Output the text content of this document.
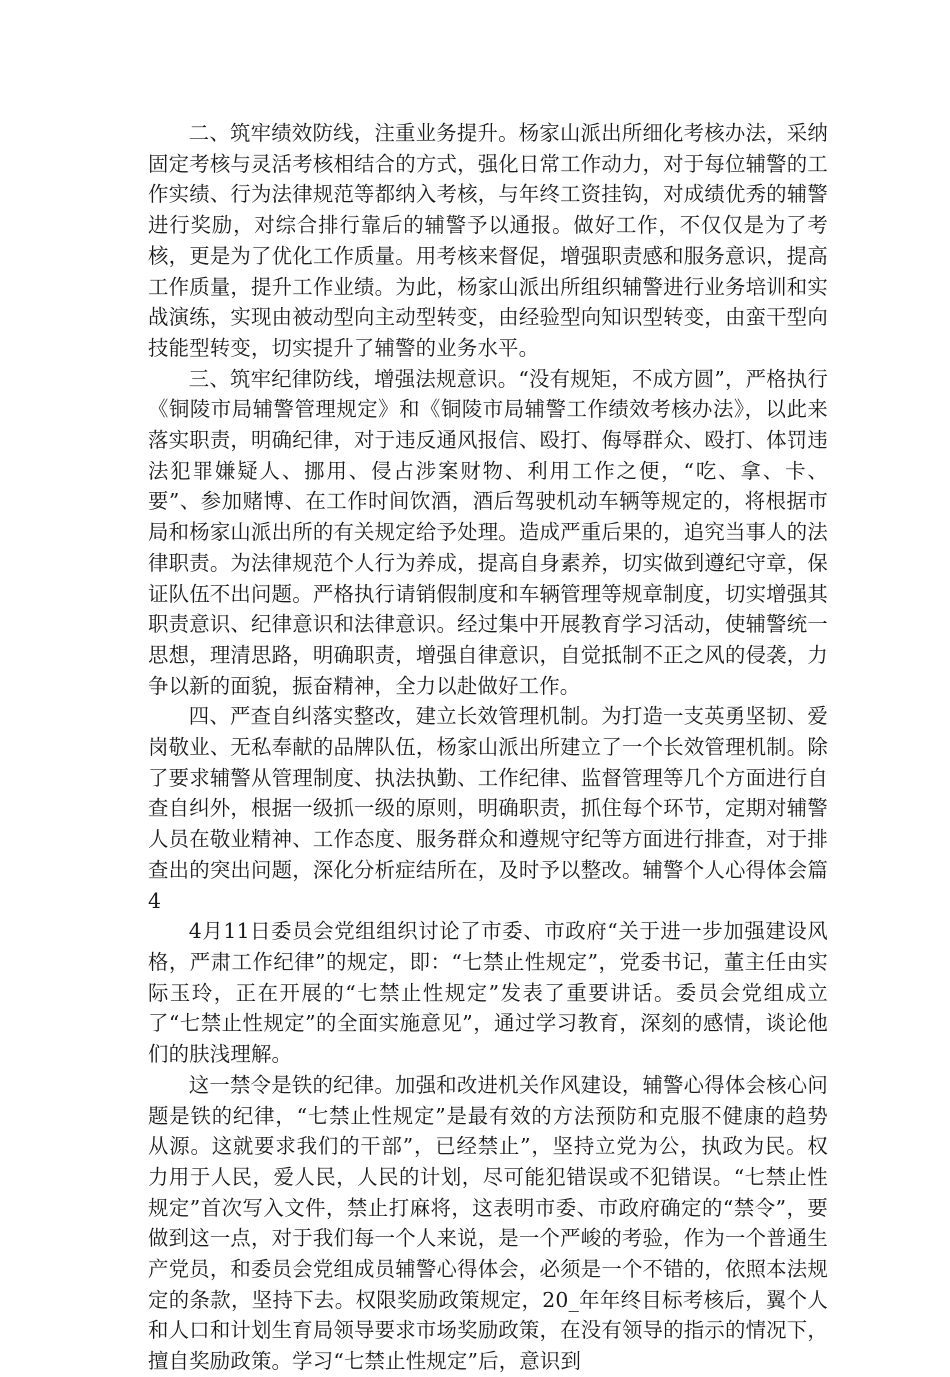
二、筑牢绩效防线，注重业务提升。杨家山派出所细化考核办法，采纳固定考核与灵活考核相结合的方式，强化日常工作动力，对于每位辅警的工作实绩、行为法律规范等都纳入考核，与年终工资挂钩，对成绩优秀的辅警进行奖励，对综合排行靠后的辅警予以通报。做好工作，不仅仅是为了考核，更是为了优化工作质量。用考核来督促，增强职责感和服务意识，提高工作质量，提升工作业绩。为此，杨家山派出所组织辅警进行业务培训和实战演练，实现由被动型向主动型转变，由经验型向知识型转变，由蛮干型向技能型转变，切实提升了辅警的业务水平。

三、筑牢纪律防线，增强法规意识。“没有规矩，不成方圆”，严格执行《铜陵市局辅警管理规定》和《铜陵市局辅警工作绩效考核办法》，以此来落实职责，明确纪律，对于违反通风报信、殴打、侮辱群众、殴打、体罚违法犯罪嫌疑人、挪用、侵占涉案财物、利用工作之便，“吃、拿、卡、要”、参加赌博、在工作时间饮酒，酒后驾驶机动车辆等规定的，将根据市局和杨家山派出所的有关规定给予处理。造成严重后果的，追究当事人的法律职责。为法律规范个人行为养成，提高自身素养，切实做到遵纪守章，保证队伍不出问题。严格执行请销假制度和车辆管理等规章制度，切实增强其职责意识、纪律意识和法律意识。经过集中开展教育学习活动，使辅警统一思想，理清思路，明确职责，增强自律意识，自觉抵制不正之风的侵袭，力争以新的面貌，振奋精神，全力以赴做好工作。

四、严查自纠落实整改，建立长效管理机制。为打造一支英勇坚韧、爱岗敬业、无私奉献的品牌队伍，杨家山派出所建立了一个长效管理机制。除了要求辅警从管理制度、执法执勤、工作纪律、监督管理等几个方面进行自查自纠外，根据一级抓一级的原则，明确职责，抓住每个环节，定期对辅警人员在敬业精神、工作态度、服务群众和遵规守纪等方面进行排查，对于排查出的突出问题，深化分析症结所在，及时予以整改。辅警个人心得体会篇4

4月11日委员会党组组织讨论了市委、市政府“关于进一步加强建设风格，严肃工作纪律”的规定，即：“七禁止性规定”，党委书记，董主任由实际玉玲，正在开展的“七禁止性规定”发表了重要讲话。委员会党组成立了“七禁止性规定”的全面实施意见”，通过学习教育，深刻的感情，谈论他们的肤浅理解。

这一禁令是铁的纪律。加强和改进机关作风建设，辅警心得体会核心问题是铁的纪律，“七禁止性规定”是最有效的方法预防和克服不健康的趋势从源。这就要求我们的干部”，已经禁止”，坚持立党为公，执政为民。权力用于人民，爱人民，人民的计划，尽可能犯错误或不犯错误。“七禁止性规定”首次写入文件，禁止打麻将，这表明市委、市政府确定的“禁令”，要做到这一点，对于我们每一个人来说，是一个严峻的考验，作为一个普通生产党员，和委员会党组成员辅警心得体会，必须是一个不错的，依照本法规定的条款，坚持下去。权限奖励政策规定，20_年年终目标考核后，翼个人和人口和计划生育局领导要求市场奖励政策，在没有领导的指示的情况下，擅自奖励政策。学习“七禁止性规定”后，意识到
